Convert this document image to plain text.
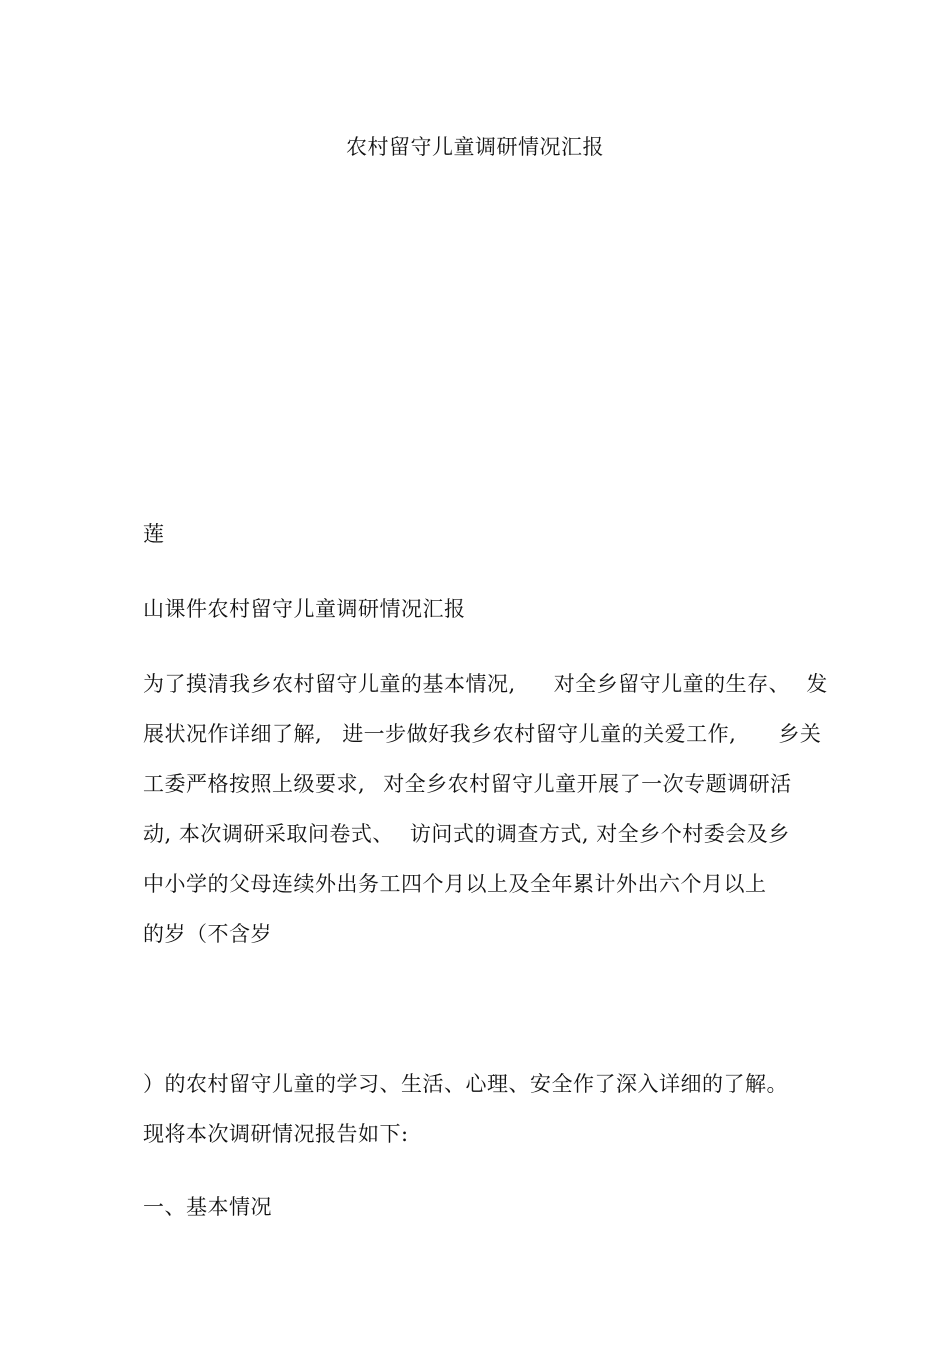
农村留守儿童调研情况汇报
莲
山课件农村留守儿童调研情况汇报
为了摸清我乡农村留守儿童的基本情况, 对全乡留守儿童的生存、 发
展状况作详细了解, 进一步做好我乡农村留守儿童的关爱工作, 乡关
工委严格按照上级要求, 对全乡农村留守儿童开展了一次专题调研活
动, 本次调研采取问卷式、 访问式的调查方式, 对全乡个村委会及乡
中小学的父母连续外出务工四个月以上及全年累计外出六个月以上
的岁（不含岁
）的农村留守儿童的学习、生活、心理、安全作了深入详细的了解。
现将本次调研情况报告如下:
一、基本情况
